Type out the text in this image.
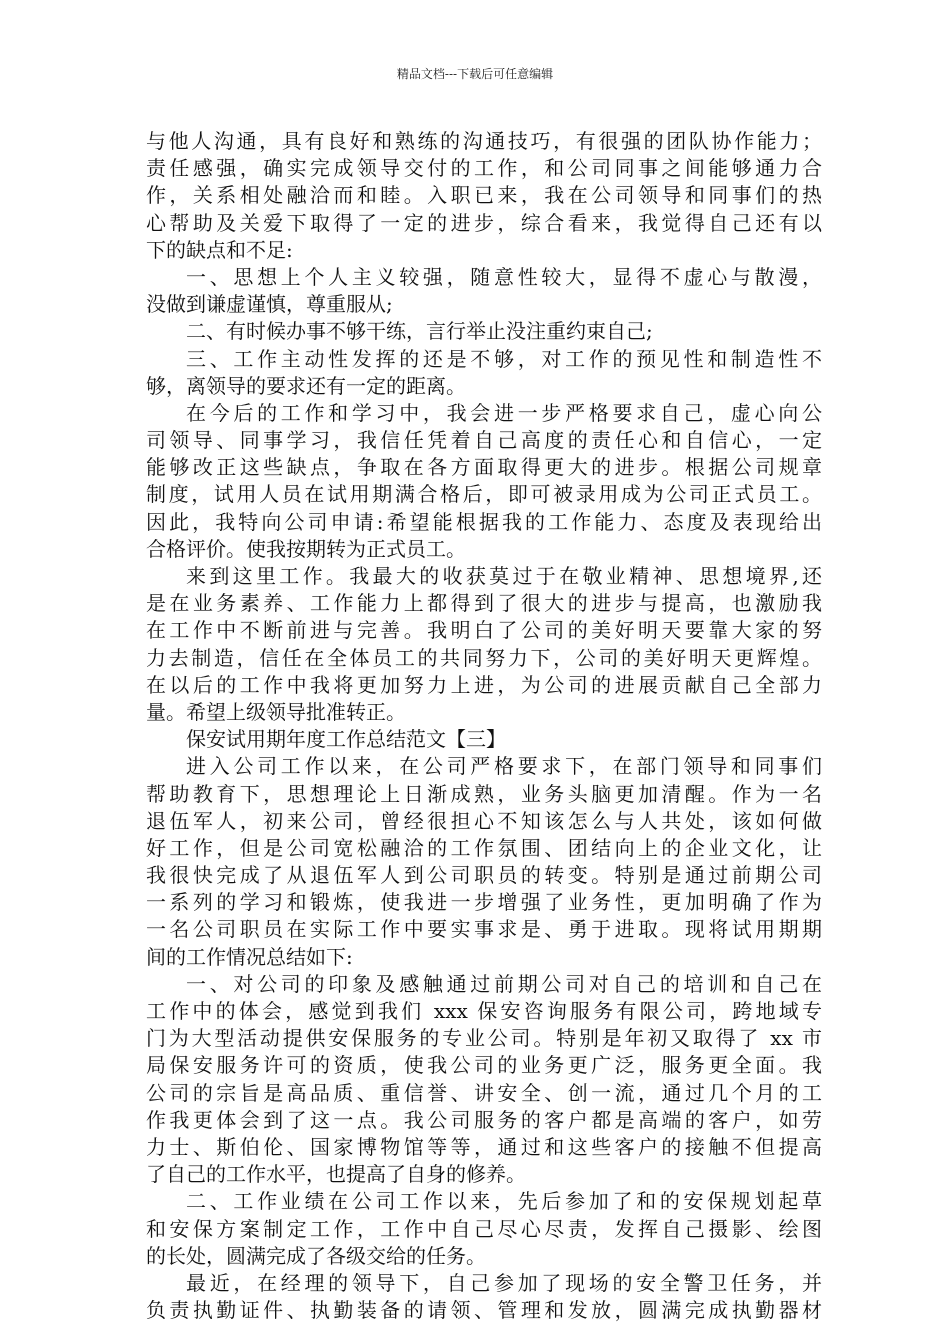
精品文档---下载后可任意编辑
与他人沟通，具有良好和熟练的沟通技巧，有很强的团队协作能力；
责任感强，确实完成领导交付的工作，和公司同事之间能够通力合
作，关系相处融洽而和睦。入职已来，我在公司领导和同事们的热
心帮助及关爱下取得了一定的进步，综合看来，我觉得自己还有以
下的缺点和不足:
一、思想上个人主义较强，随意性较大，显得不虚心与散漫，
没做到谦虚谨慎，尊重服从;
二、有时候办事不够干练，言行举止没注重约束自己;
三、工作主动性发挥的还是不够，对工作的预见性和制造性不
够，离领导的要求还有一定的距离。
在今后的工作和学习中，我会进一步严格要求自己，虚心向公
司领导、同事学习，我信任凭着自己高度的责任心和自信心，一定
能够改正这些缺点，争取在各方面取得更大的进步。根据公司规章
制度，试用人员在试用期满合格后，即可被录用成为公司正式员工。
因此，我特向公司申请:希望能根据我的工作能力、态度及表现给出
合格评价。使我按期转为正式员工。
来到这里工作。我最大的收获莫过于在敬业精神、思想境界,还
是在业务素养、工作能力上都得到了很大的进步与提高，也激励我
在工作中不断前进与完善。我明白了公司的美好明天要靠大家的努
力去制造，信任在全体员工的共同努力下，公司的美好明天更辉煌。
在以后的工作中我将更加努力上进，为公司的进展贡献自己全部力
量。希望上级领导批准转正。
保安试用期年度工作总结范文【三】
进入公司工作以来，在公司严格要求下，在部门领导和同事们
帮助教育下，思想理论上日渐成熟，业务头脑更加清醒。作为一名
退伍军人，初来公司，曾经很担心不知该怎么与人共处，该如何做
好工作，但是公司宽松融洽的工作氛围、团结向上的企业文化，让
我很快完成了从退伍军人到公司职员的转变。特别是通过前期公司
一系列的学习和锻炼，使我进一步增强了业务性，更加明确了作为
一名公司职员在实际工作中要实事求是、勇于进取。现将试用期期
间的工作情况总结如下:
一、对公司的印象及感触通过前期公司对自己的培训和自己在
工作中的体会，感觉到我们 xxx 保安咨询服务有限公司，跨地域专
门为大型活动提供安保服务的专业公司。特别是年初又取得了 xx 市
局保安服务许可的资质，使我公司的业务更广泛，服务更全面。我
公司的宗旨是高品质、重信誉、讲安全、创一流，通过几个月的工
作我更体会到了这一点。我公司服务的客户都是高端的客户，如劳
力士、斯伯伦、国家博物馆等等，通过和这些客户的接触不但提高
了自己的工作水平，也提高了自身的修养。
二、工作业绩在公司工作以来，先后参加了和的安保规划起草
和安保方案制定工作，工作中自己尽心尽责，发挥自己摄影、绘图
的长处，圆满完成了各级交给的任务。
最近，在经理的领导下，自己参加了现场的安全警卫任务，并
负责执勤证件、执勤装备的请领、管理和发放，圆满完成执勤器材
